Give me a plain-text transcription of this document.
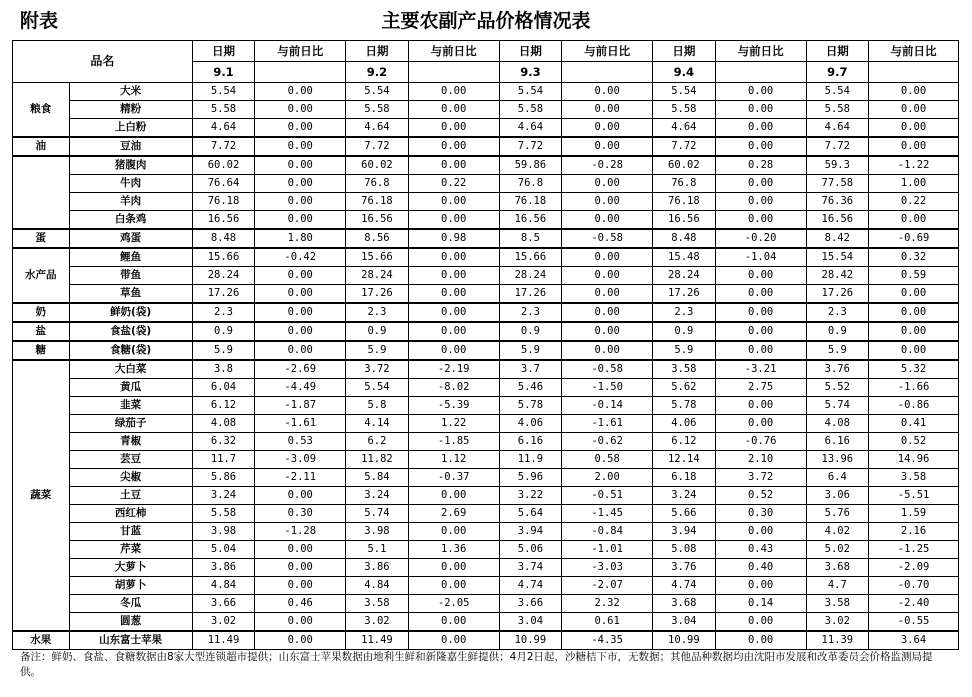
附表	主要农副产品价格情况表
品名		日期	与前日比	日期	与前日比	日期	与前日比	日期	与前日比	日期	与前日比
		9.1		9.2		9.3		9.4		9.7	
粮食	大米	5.54	0.00	5.54	0.00	5.54	0.00	5.54	0.00	5.54	0.00
	精粉	5.58	0.00	5.58	0.00	5.58	0.00	5.58	0.00	5.58	0.00
	上白粉	4.64	0.00	4.64	0.00	4.64	0.00	4.64	0.00	4.64	0.00
油	豆油	7.72	0.00	7.72	0.00	7.72	0.00	7.72	0.00	7.72	0.00
	猪腹肉	60.02	0.00	60.02	0.00	59.86	-0.28	60.02	0.28	59.3	-1.22
	牛肉	76.64	0.00	76.8	0.22	76.8	0.00	76.8	0.00	77.58	1.00
	羊肉	76.18	0.00	76.18	0.00	76.18	0.00	76.18	0.00	76.36	0.22
	白条鸡	16.56	0.00	16.56	0.00	16.56	0.00	16.56	0.00	16.56	0.00
蛋	鸡蛋	8.48	1.80	8.56	0.98	8.5	-0.58	8.48	-0.20	8.42	-0.69
水产品	鲤鱼	15.66	-0.42	15.66	0.00	15.66	0.00	15.48	-1.04	15.54	0.32
	带鱼	28.24	0.00	28.24	0.00	28.24	0.00	28.24	0.00	28.42	0.59
	草鱼	17.26	0.00	17.26	0.00	17.26	0.00	17.26	0.00	17.26	0.00
奶	鲜奶(袋)	2.3	0.00	2.3	0.00	2.3	0.00	2.3	0.00	2.3	0.00
盐	食盐(袋)	0.9	0.00	0.9	0.00	0.9	0.00	0.9	0.00	0.9	0.00
糖	食糖(袋)	5.9	0.00	5.9	0.00	5.9	0.00	5.9	0.00	5.9	0.00
蔬菜	大白菜	3.8	-2.69	3.72	-2.19	3.7	-0.58	3.58	-3.21	3.76	5.32
	黄瓜	6.04	-4.49	5.54	-8.02	5.46	-1.50	5.62	2.75	5.52	-1.66
	韭菜	6.12	-1.87	5.8	-5.39	5.78	-0.14	5.78	0.00	5.74	-0.86
	绿茄子	4.08	-1.61	4.14	1.22	4.06	-1.61	4.06	0.00	4.08	0.41
	青椒	6.32	0.53	6.2	-1.85	6.16	-0.62	6.12	-0.76	6.16	0.52
	芸豆	11.7	-3.09	11.82	1.12	11.9	0.58	12.14	2.10	13.96	14.96
	尖椒	5.86	-2.11	5.84	-0.37	5.96	2.00	6.18	3.72	6.4	3.58
	土豆	3.24	0.00	3.24	0.00	3.22	-0.51	3.24	0.52	3.06	-5.51
	西红柿	5.58	0.30	5.74	2.69	5.64	-1.45	5.66	0.30	5.76	1.59
	甘蓝	3.98	-1.28	3.98	0.00	3.94	-0.84	3.94	0.00	4.02	2.16
	芹菜	5.04	0.00	5.1	1.36	5.06	-1.01	5.08	0.43	5.02	-1.25
	大萝卜	3.86	0.00	3.86	0.00	3.74	-3.03	3.76	0.40	3.68	-2.09
	胡萝卜	4.84	0.00	4.84	0.00	4.74	-2.07	4.74	0.00	4.7	-0.70
	冬瓜	3.66	0.46	3.58	-2.05	3.66	2.32	3.68	0.14	3.58	-2.40
	圆葱	3.02	0.00	3.02	0.00	3.04	0.61	3.04	0.00	3.02	-0.55
水果	山东富士苹果	11.49	0.00	11.49	0.00	10.99	-4.35	10.99	0.00	11.39	3.64
备注：鲜奶、食盐、食糖数据由8家大型连锁超市提供；山东富士苹果数据由地利生鲜和新隆嘉生鲜提供；4月2日起，沙糖桔下市，无数据；其他品种数据均由沈阳市发展和改革委员会价格监测局提供。
